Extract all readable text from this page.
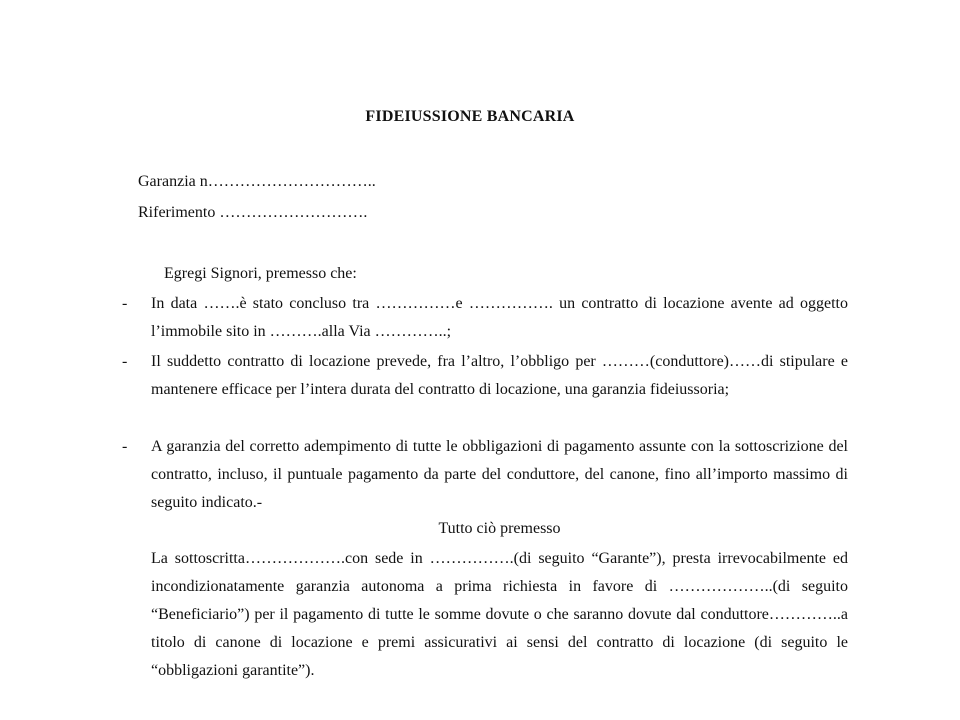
FIDEIUSSIONE BANCARIA
Garanzia n…………………………..
Riferimento ……………………….
Egregi Signori, premesso che:
- In data …….è stato concluso tra ……………e ……………. un contratto di locazione avente ad oggetto l’immobile sito in ……….alla Via …………..;
- Il suddetto contratto di locazione prevede, fra l’altro, l’obbligo per ………(conduttore)……di stipulare e mantenere efficace per l’intera durata del contratto di locazione, una garanzia fideiussoria;
- A garanzia del corretto adempimento di tutte le obbligazioni di pagamento assunte con la sottoscrizione del contratto, incluso, il puntuale pagamento da parte del conduttore, del canone, fino all’importo massimo di seguito indicato.-
Tutto ciò premesso
La sottoscritta……………….con sede in …………….(di seguito “Garante”), presta irrevocabilmente ed incondizionatamente garanzia autonoma a prima richiesta in favore di ………………..(di seguito “Beneficiario”) per il pagamento di tutte le somme dovute o che saranno dovute dal conduttore…………..a titolo di canone di locazione e premi assicurativi ai sensi del contratto di locazione (di seguito le “obbligazioni garantite”).
